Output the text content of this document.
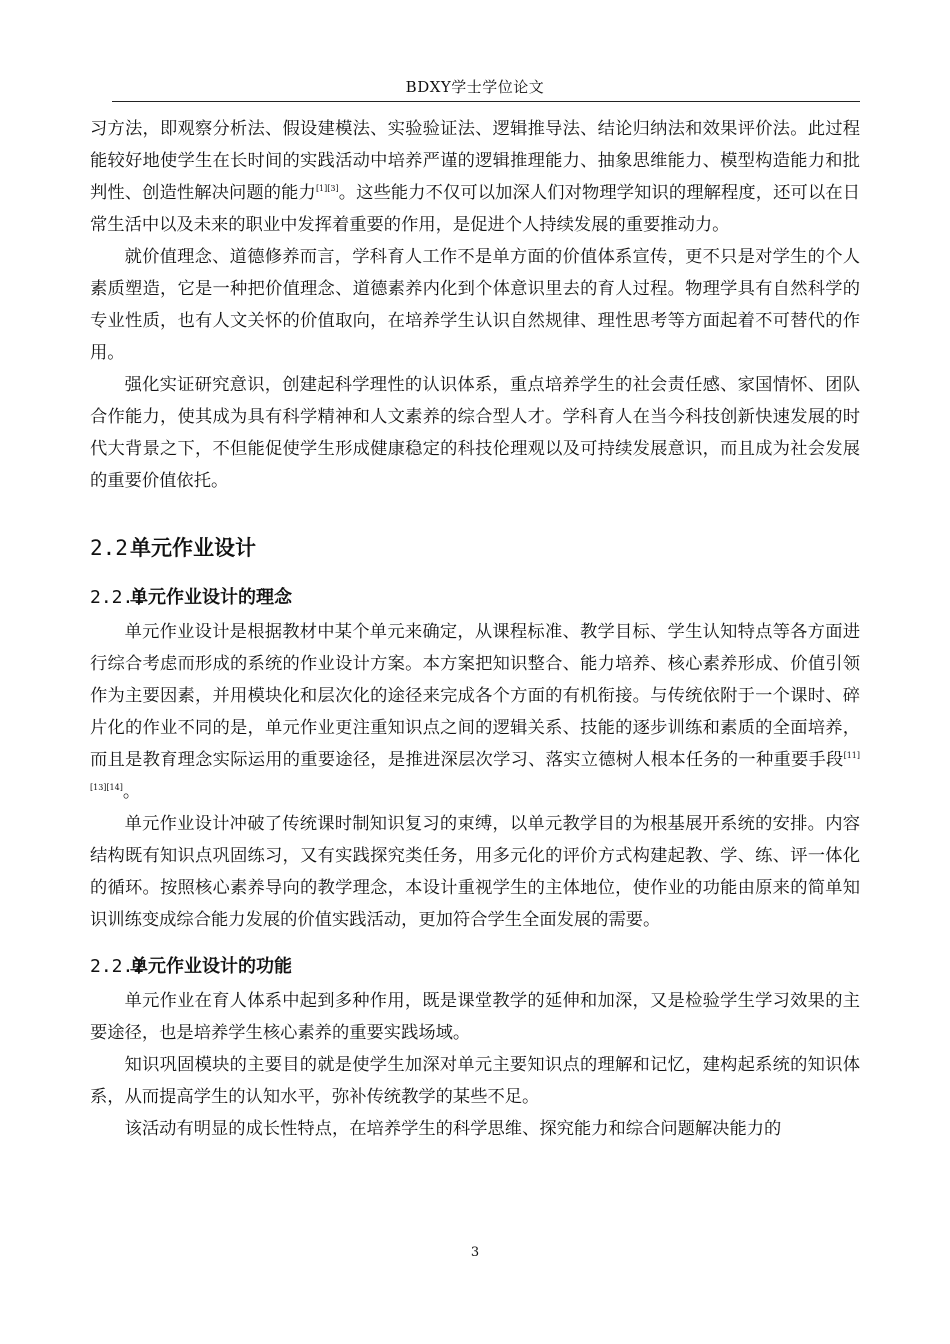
BDXY学士学位论文

习方法，即观察分析法、假设建模法、实验验证法、逻辑推导法、结论归纳法和效果评价法。此过程能较好地使学生在长时间的实践活动中培养严谨的逻辑推理能力、抽象思维能力、模型构造能力和批判性、创造性解决问题的能力[1][3]。这些能力不仅可以加深人们对物理学知识的理解程度，还可以在日常生活中以及未来的职业中发挥着重要的作用，是促进个人持续发展的重要推动力。

就价值理念、道德修养而言，学科育人工作不是单方面的价值体系宣传，更不只是对学生的个人素质塑造，它是一种把价值理念、道德素养内化到个体意识里去的育人过程。物理学具有自然科学的专业性质，也有人文关怀的价值取向，在培养学生认识自然规律、理性思考等方面起着不可替代的作用。

强化实证研究意识，创建起科学理性的认识体系，重点培养学生的社会责任感、家国情怀、团队合作能力，使其成为具有科学精神和人文素养的综合型人才。学科育人在当今科技创新快速发展的时代大背景之下，不但能促使学生形成健康稳定的科技伦理观以及可持续发展意识，而且成为社会发展的重要价值依托。

2.2单元作业设计
2.2.1单元作业设计的理念

单元作业设计是根据教材中某个单元来确定，从课程标准、教学目标、学生认知特点等各方面进行综合考虑而形成的系统的作业设计方案。本方案把知识整合、能力培养、核心素养形成、价值引领作为主要因素，并用模块化和层次化的途径来完成各个方面的有机衔接。与传统依附于一个课时、碎片化的作业不同的是，单元作业更注重知识点之间的逻辑关系、技能的逐步训练和素质的全面培养，而且是教育理念实际运用的重要途径，是推进深层次学习、落实立德树人根本任务的一种重要手段[11][13][14]。

单元作业设计冲破了传统课时制知识复习的束缚，以单元教学目的为根基展开系统的安排。内容结构既有知识点巩固练习，又有实践探究类任务，用多元化的评价方式构建起教、学、练、评一体化的循环。按照核心素养导向的教学理念，本设计重视学生的主体地位，使作业的功能由原来的简单知识训练变成综合能力发展的价值实践活动，更加符合学生全面发展的需要。

2.2.2单元作业设计的功能

单元作业在育人体系中起到多种作用，既是课堂教学的延伸和加深，又是检验学生学习效果的主要途径，也是培养学生核心素养的重要实践场域。

知识巩固模块的主要目的就是使学生加深对单元主要知识点的理解和记忆，建构起系统的知识体系，从而提高学生的认知水平，弥补传统教学的某些不足。

该活动有明显的成长性特点，在培养学生的科学思维、探究能力和综合问题解决能力的

3
